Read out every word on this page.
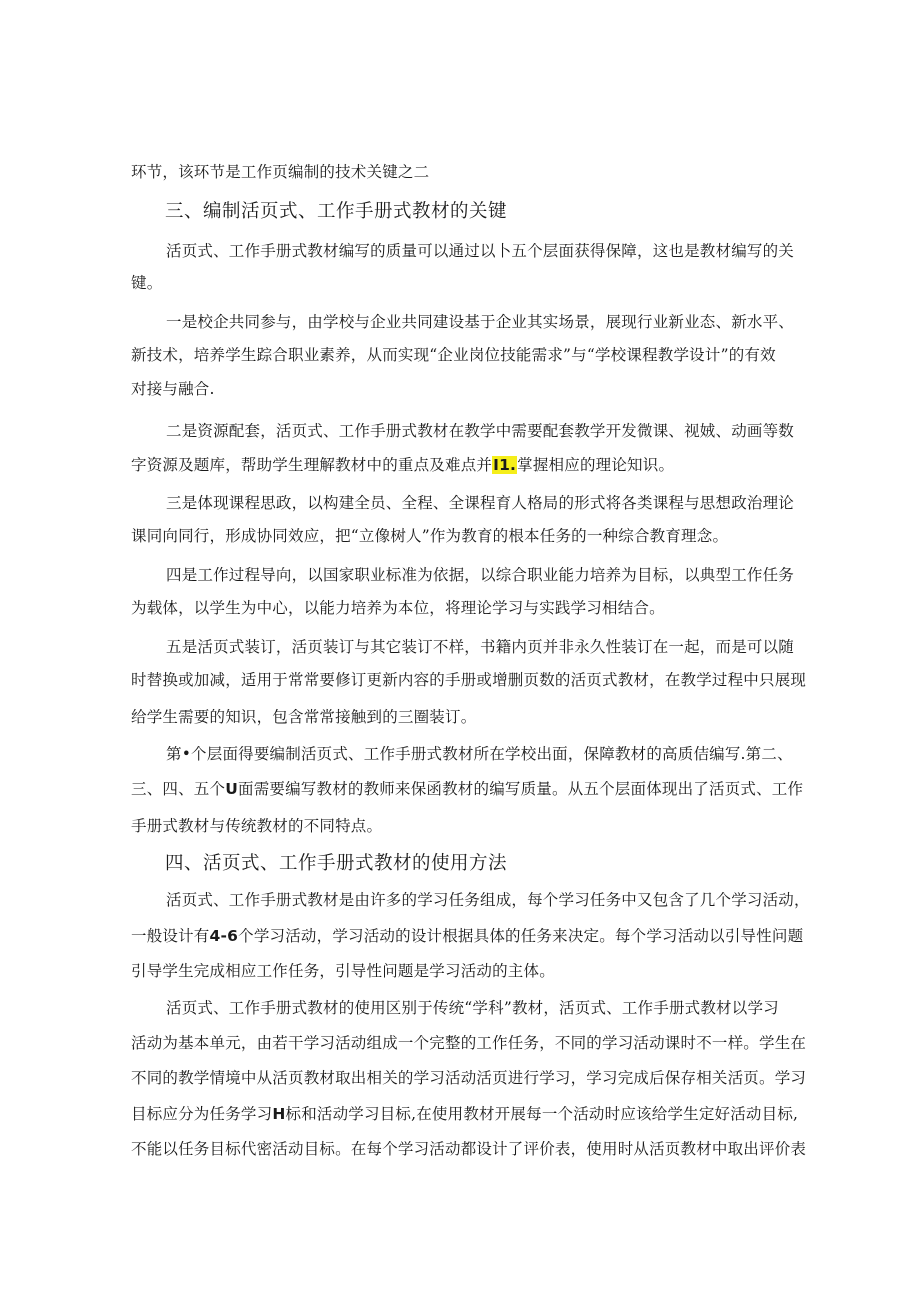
环节，该环节是工作页编制的技术关键之二
三、编制活页式、工作手册式教材的关键
活页式、工作手册式教材编写的质量可以通过以卜五个层面获得保障，这也是教材编写的关
键。
一是校企共同参与，由学校与企业共同建设基于企业其实场景，展现行业新业态、新水平、
新技术，培养学生踪合职业素养，从而实现“企业岗位技能需求”与“学校课程教学设计”的有效
对接与融合.
二是资源配套，活页式、工作手册式教材在教学中需要配套教学开发微课、视娀、动画等数
字资源及题库，帮助学生理解教材中的重点及难点并I1.掌握相应的理论知识。
三是体现课程思政，以构建全员、全程、全课程育人格局的形式将各类课程与思想政治理论
课同向同行，形成协同效应，把“立像树人”作为教育的根本任务的一种综合教育理念。
四是工作过程导向，以国家职业标准为依据，以综合职业能力培养为目标，以典型工作任务
为载体，以学生为中心，以能力培养为本位，将理论学习与实践学习相结合。
五是活页式装订，活页装订与其它装订不样，书籍内页并非永久性装订在一起，而是可以随
时替换或加减，适用于常常要修订更新内容的手册或增删页数的活页式教材，在教学过程中只展现
给学生需要的知识，包含常常接触到的三圈装订。
第•个层面得要编制活页式、工作手册式教材所在学校出面，保障教材的高质佶编写.第二、
三、四、五个U面需要编写教材的教师来保函教材的编写质量。从五个层面体现出了活页式、工作
手册式教材与传统教材的不同特点。
四、活页式、工作手册式教材的使用方法
活页式、工作手册式教材是由许多的学习任务组成，每个学习任务中又包含了几个学习活动，
一般设计有4-6个学习活动，学习活动的设计根据具体的任务来决定。每个学习活动以引导性问题
引导学生完成相应工作任务，引导性问题是学习活动的主体。
活页式、工作手册式教材的使用区别于传统“学科”教材，活页式、工作手册式教材以学习
活动为基本单元，由若干学习活动组成一个完整的工作任务，不同的学习活动课时不一样。学生在
不同的教学情境中从活页教材取出相关的学习活动活页进行学习，学习完成后保存相关活页。学习
目标应分为任务学习H标和活动学习目标,在使用教材开展每一个活动时应该给学生定好活动目标,
不能以任务目标代密活动目标。在每个学习活动都设计了评价表，使用时从活页教材中取出评价表
